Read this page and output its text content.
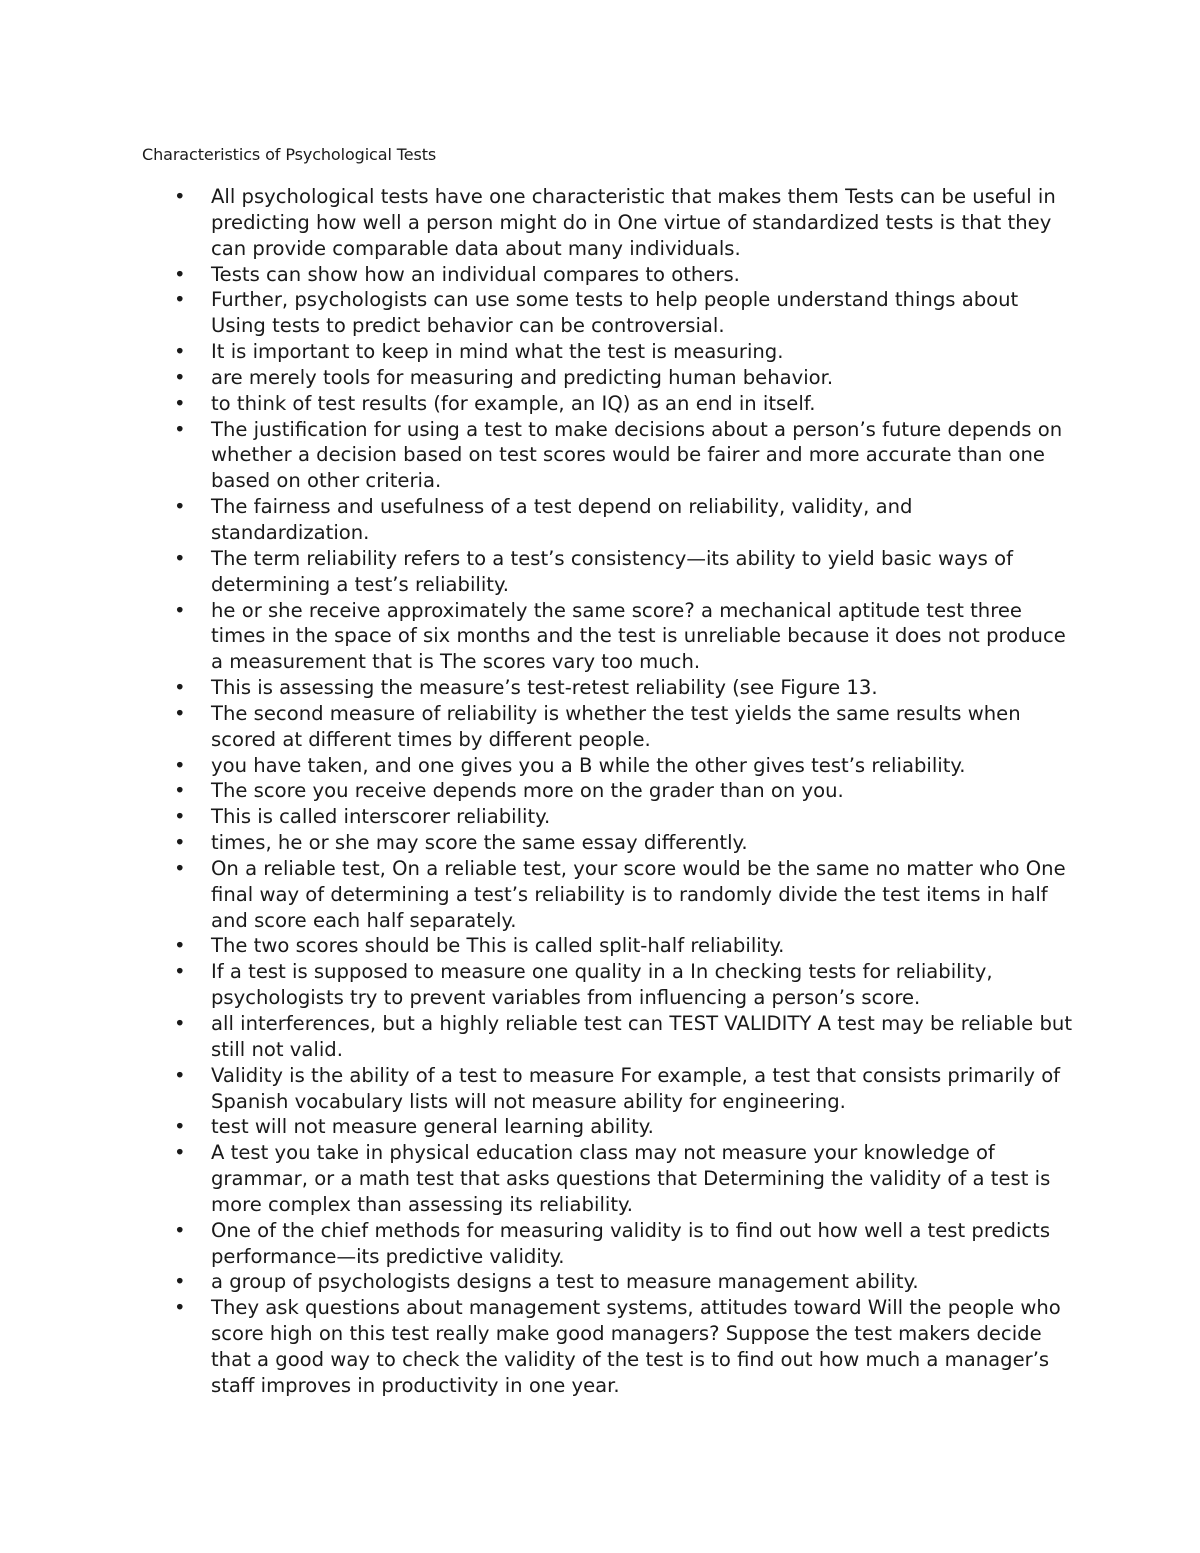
Characteristics of Psychological Tests
• All psychological tests have one characteristic that makes them Tests can be useful in predicting how well a person might do in One virtue of standardized tests is that they can provide comparable data about many individuals.
• Tests can show how an individual compares to others.
• Further, psychologists can use some tests to help people understand things about Using tests to predict behavior can be controversial.
• It is important to keep in mind what the test is measuring.
• are merely tools for measuring and predicting human behavior.
• to think of test results (for example, an IQ) as an end in itself.
• The justification for using a test to make decisions about a person’s future depends on whether a decision based on test scores would be fairer and more accurate than one based on other criteria.
• The fairness and usefulness of a test depend on reliability, validity, and standardization.
• The term reliability refers to a test’s consistency—its ability to yield basic ways of determining a test’s reliability.
• he or she receive approximately the same score? a mechanical aptitude test three times in the space of six months and the test is unreliable because it does not produce a measurement that is The scores vary too much.
• This is assessing the measure’s test-retest reliability (see Figure 13.
• The second measure of reliability is whether the test yields the same results when scored at different times by different people.
• you have taken, and one gives you a B while the other gives test’s reliability.
• The score you receive depends more on the grader than on you.
• This is called interscorer reliability.
• times, he or she may score the same essay differently.
• On a reliable test, On a reliable test, your score would be the same no matter who One final way of determining a test’s reliability is to randomly divide the test items in half and score each half separately.
• The two scores should be This is called split-half reliability.
• If a test is supposed to measure one quality in a In checking tests for reliability, psychologists try to prevent variables from influencing a person’s score.
• all interferences, but a highly reliable test can TEST VALIDITY A test may be reliable but still not valid.
• Validity is the ability of a test to measure For example, a test that consists primarily of Spanish vocabulary lists will not measure ability for engineering.
• test will not measure general learning ability.
• A test you take in physical education class may not measure your knowledge of grammar, or a math test that asks questions that Determining the validity of a test is more complex than assessing its reliability.
• One of the chief methods for measuring validity is to find out how well a test predicts performance—its predictive validity.
• a group of psychologists designs a test to measure management ability.
• They ask questions about management systems, attitudes toward Will the people who score high on this test really make good managers? Suppose the test makers decide that a good way to check the validity of the test is to find out how much a manager’s staff improves in productivity in one year.
